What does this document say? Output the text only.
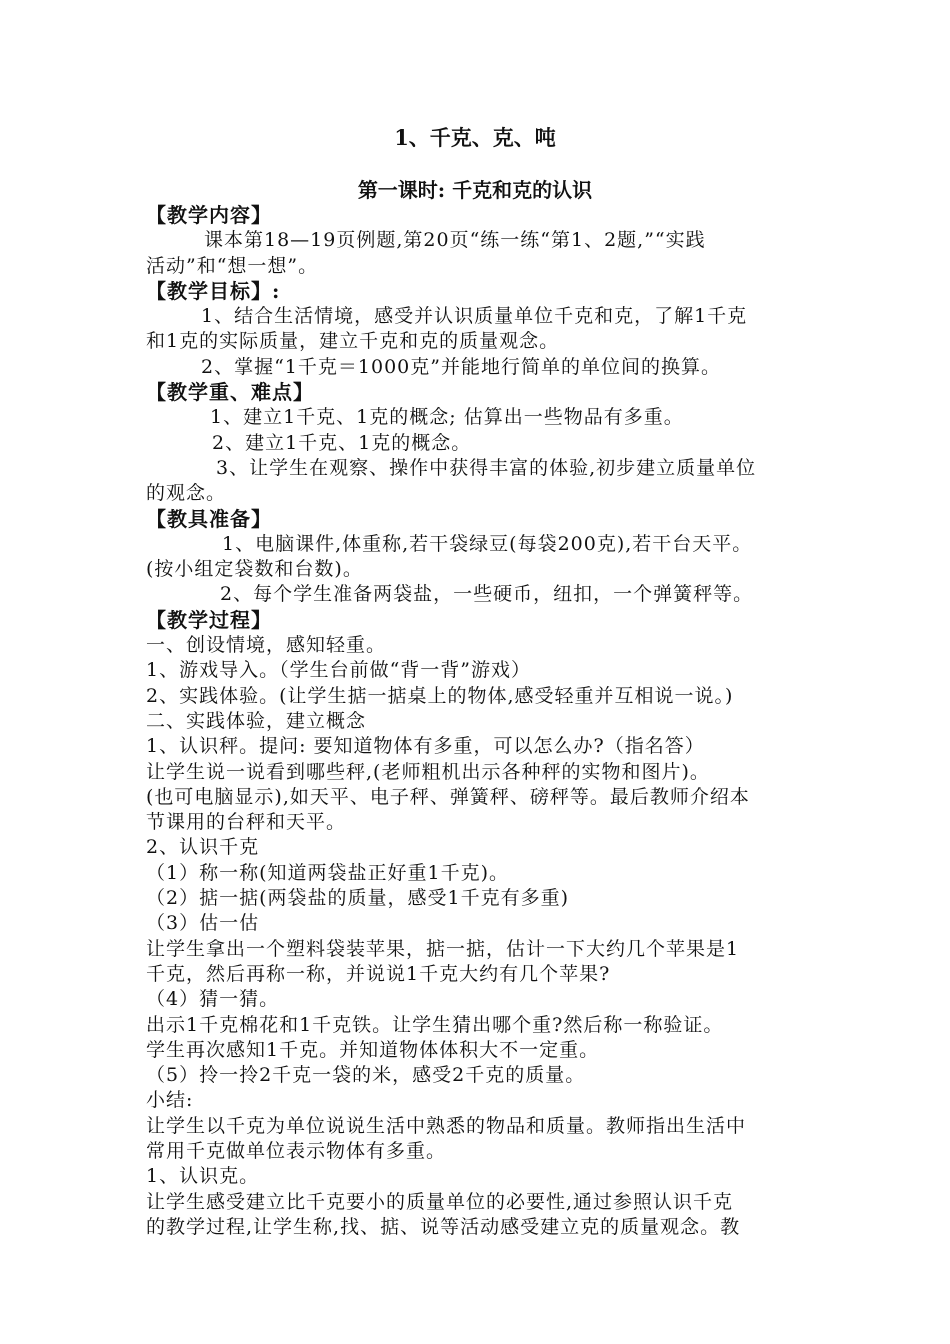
1、千克、克、吨
第一课时: 千克和克的认识
【教学内容】
课本第18—19页例题,第20页“练一练“第1、2题,”“实践
活动”和“想一想”。
【教学目标】:
1、结合生活情境，感受并认识质量单位千克和克，了解1千克
和1克的实际质量，建立千克和克的质量观念。
2、掌握“1千克＝1000克”并能地行简单的单位间的换算。
【教学重、难点】
1、建立1千克、1克的概念; 估算出一些物品有多重。
2、建立1千克、1克的概念。
3、让学生在观察、操作中获得丰富的体验,初步建立质量单位
的观念。
【教具准备】
1、电脑课件,体重称,若干袋绿豆(每袋200克),若干台天平。
(按小组定袋数和台数)。
2、每个学生准备两袋盐，一些硬币，纽扣，一个弹簧秤等。
【教学过程】
一、创设情境，感知轻重。
1、游戏导入。（学生台前做“背一背”游戏）
2、实践体验。(让学生掂一掂桌上的物体,感受轻重并互相说一说。)
二、实践体验，建立概念
1、认识秤。提问: 要知道物体有多重，可以怎么办?（指名答）
让学生说一说看到哪些秤,(老师粗机出示各种秤的实物和图片)。
(也可电脑显示),如天平、电子秤、弹簧秤、磅秤等。最后教师介绍本
节课用的台秤和天平。
2、认识千克
（1）称一称(知道两袋盐正好重1千克)。
（2）掂一掂(两袋盐的质量，感受1千克有多重)
（3）估一估
让学生拿出一个塑料袋装苹果，掂一掂，估计一下大约几个苹果是1
千克，然后再称一称，并说说1千克大约有几个苹果?
（4）猜一猜。
出示1千克棉花和1千克铁。让学生猜出哪个重?然后称一称验证。
学生再次感知1千克。并知道物体体积大不一定重。
（5）拎一拎2千克一袋的米，感受2千克的质量。
小结:
让学生以千克为单位说说生活中熟悉的物品和质量。教师指出生活中
常用千克做单位表示物体有多重。
1、认识克。
让学生感受建立比千克要小的质量单位的必要性,通过参照认识千克
的教学过程,让学生称,找、掂、说等活动感受建立克的质量观念。教
